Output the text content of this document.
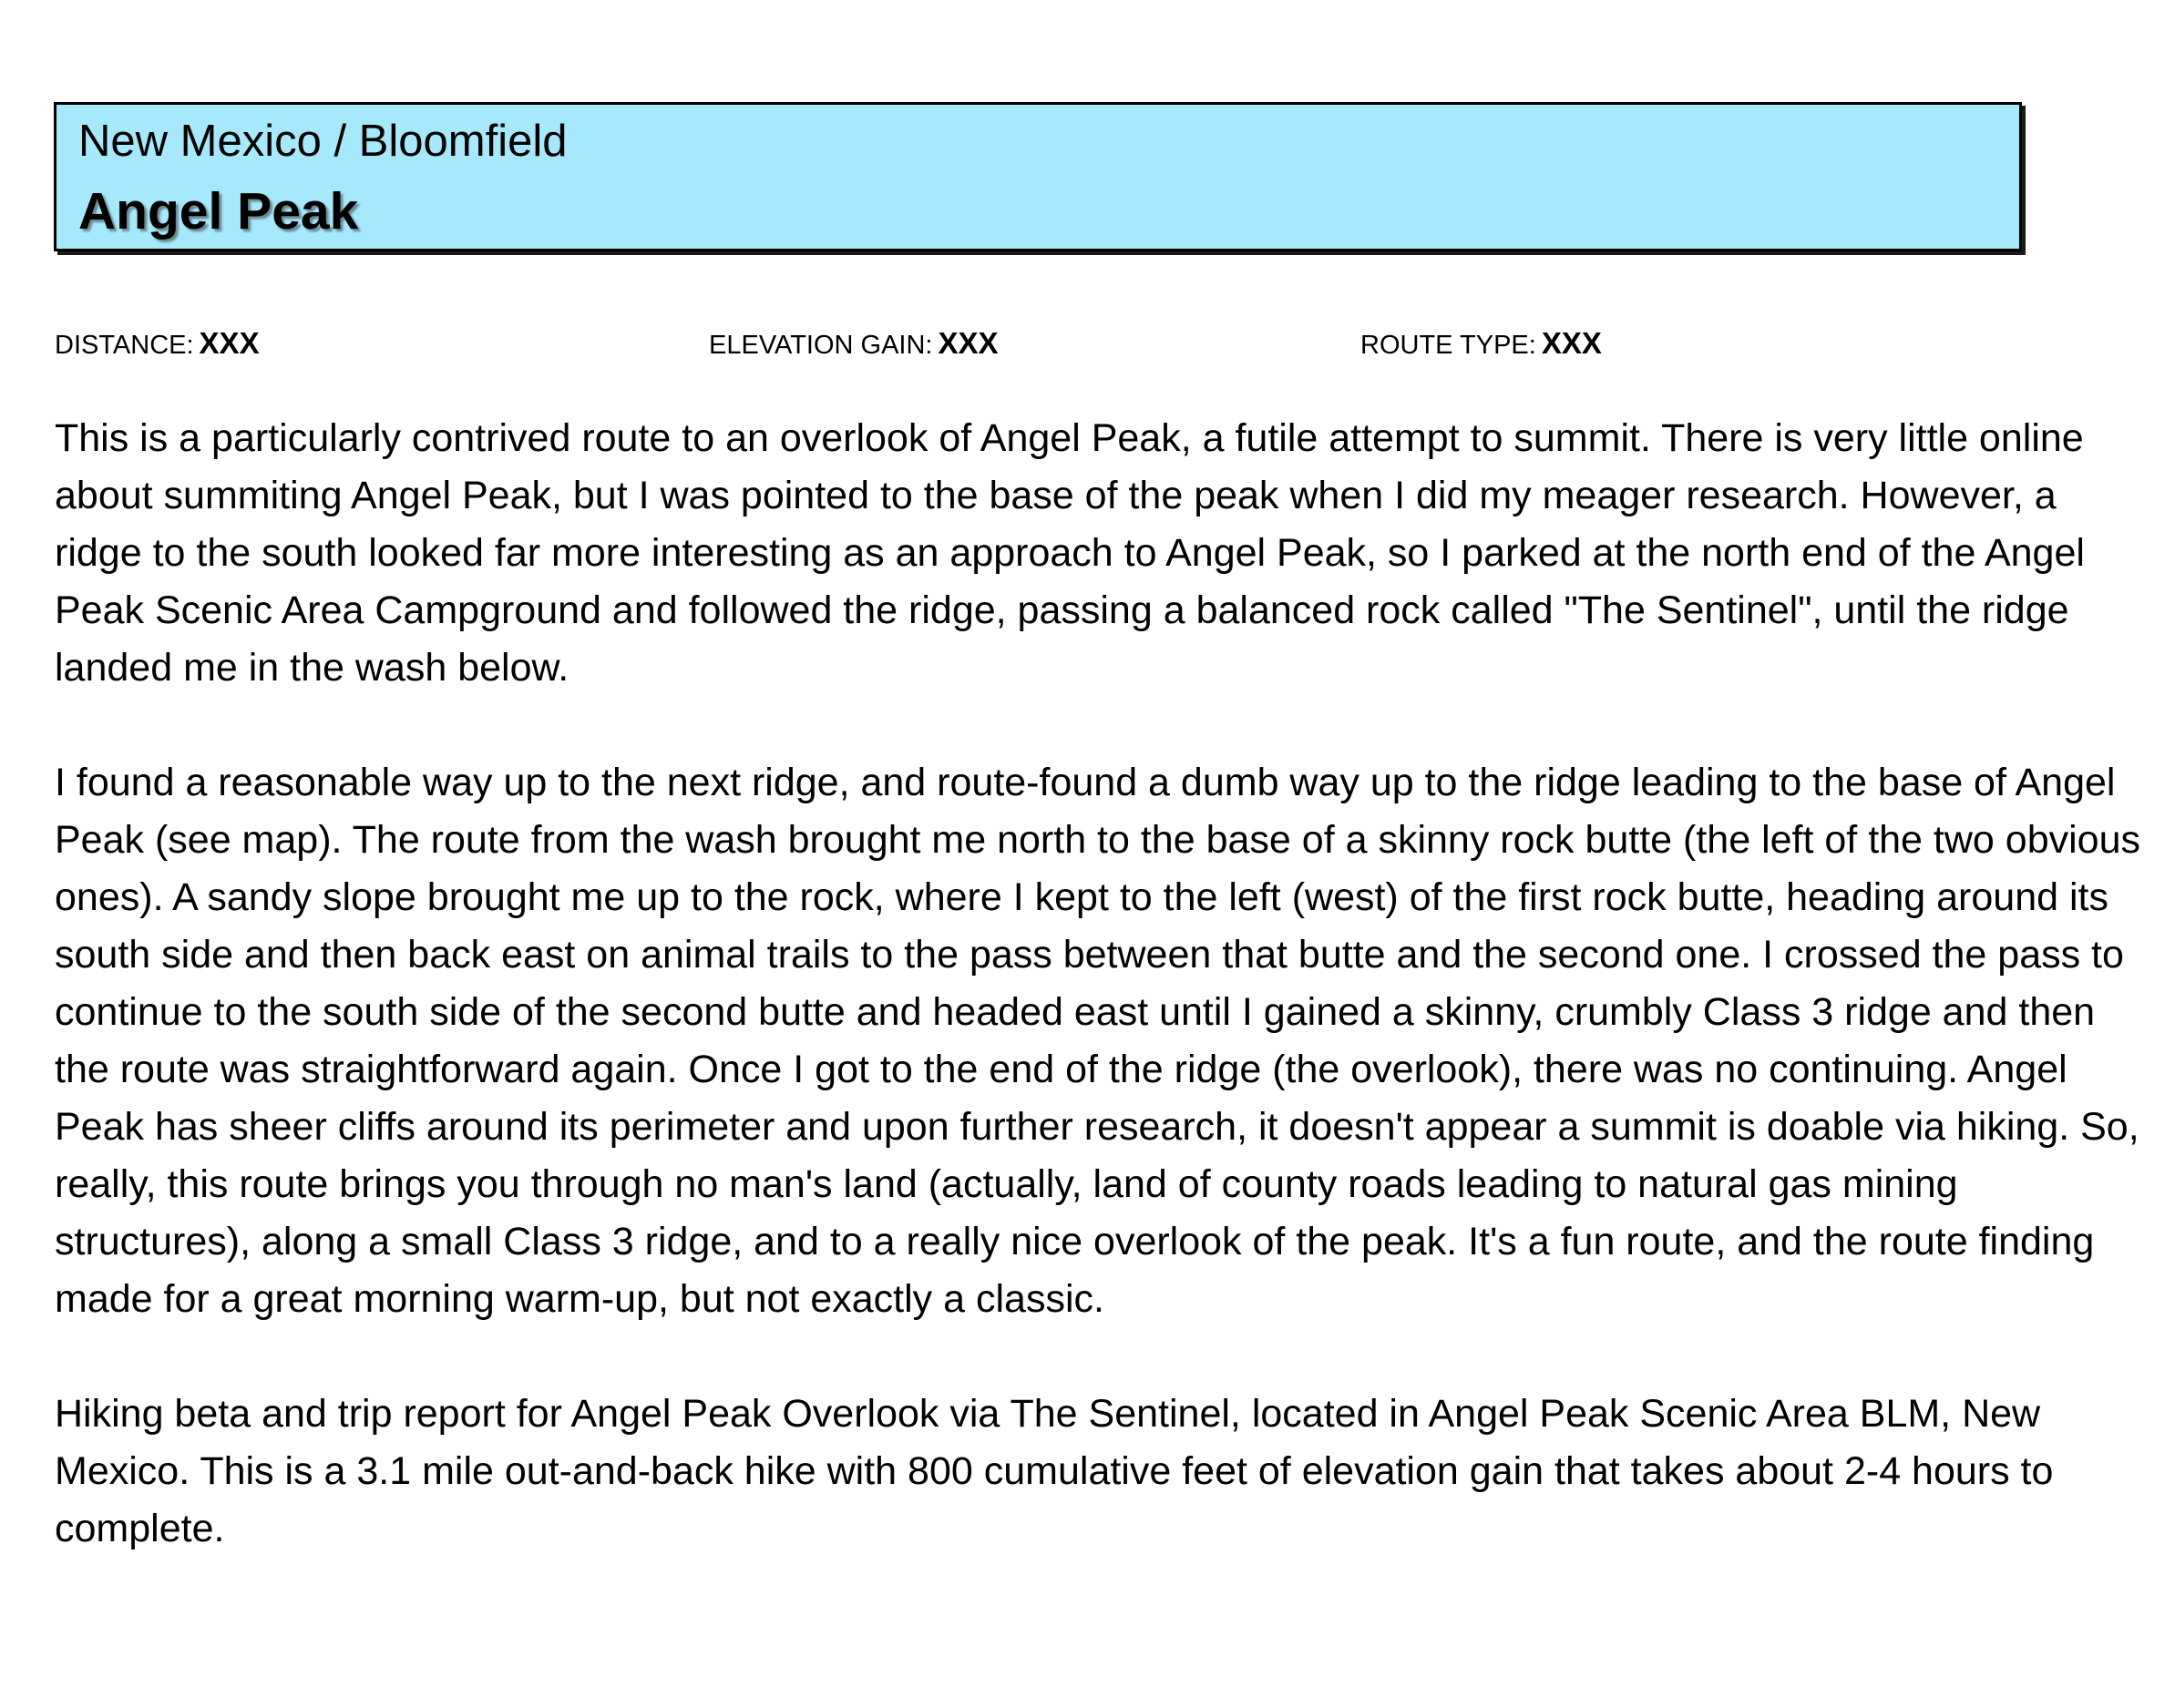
New Mexico / Bloomfield
Angel Peak
DISTANCE: XXX	ELEVATION GAIN: XXX	ROUTE TYPE: XXX

This is a particularly contrived route to an overlook of Angel Peak, a futile attempt to summit. There is very little online about summiting Angel Peak, but I was pointed to the base of the peak when I did my meager research. However, a ridge to the south looked far more interesting as an approach to Angel Peak, so I parked at the north end of the Angel Peak Scenic Area Campground and followed the ridge, passing a balanced rock called "The Sentinel", until the ridge landed me in the wash below.

I found a reasonable way up to the next ridge, and route-found a dumb way up to the ridge leading to the base of Angel Peak (see map). The route from the wash brought me north to the base of a skinny rock butte (the left of the two obvious ones). A sandy slope brought me up to the rock, where I kept to the left (west) of the first rock butte, heading around its south side and then back east on animal trails to the pass between that butte and the second one. I crossed the pass to continue to the south side of the second butte and headed east until I gained a skinny, crumbly Class 3 ridge and then the route was straightforward again. Once I got to the end of the ridge (the overlook), there was no continuing. Angel Peak has sheer cliffs around its perimeter and upon further research, it doesn't appear a summit is doable via hiking. So, really, this route brings you through no man's land (actually, land of county roads leading to natural gas mining structures), along a small Class 3 ridge, and to a really nice overlook of the peak. It's a fun route, and the route finding made for a great morning warm-up, but not exactly a classic.

Hiking beta and trip report for Angel Peak Overlook via The Sentinel, located in Angel Peak Scenic Area BLM, New Mexico. This is a 3.1 mile out-and-back hike with 800 cumulative feet of elevation gain that takes about 2-4 hours to complete.
